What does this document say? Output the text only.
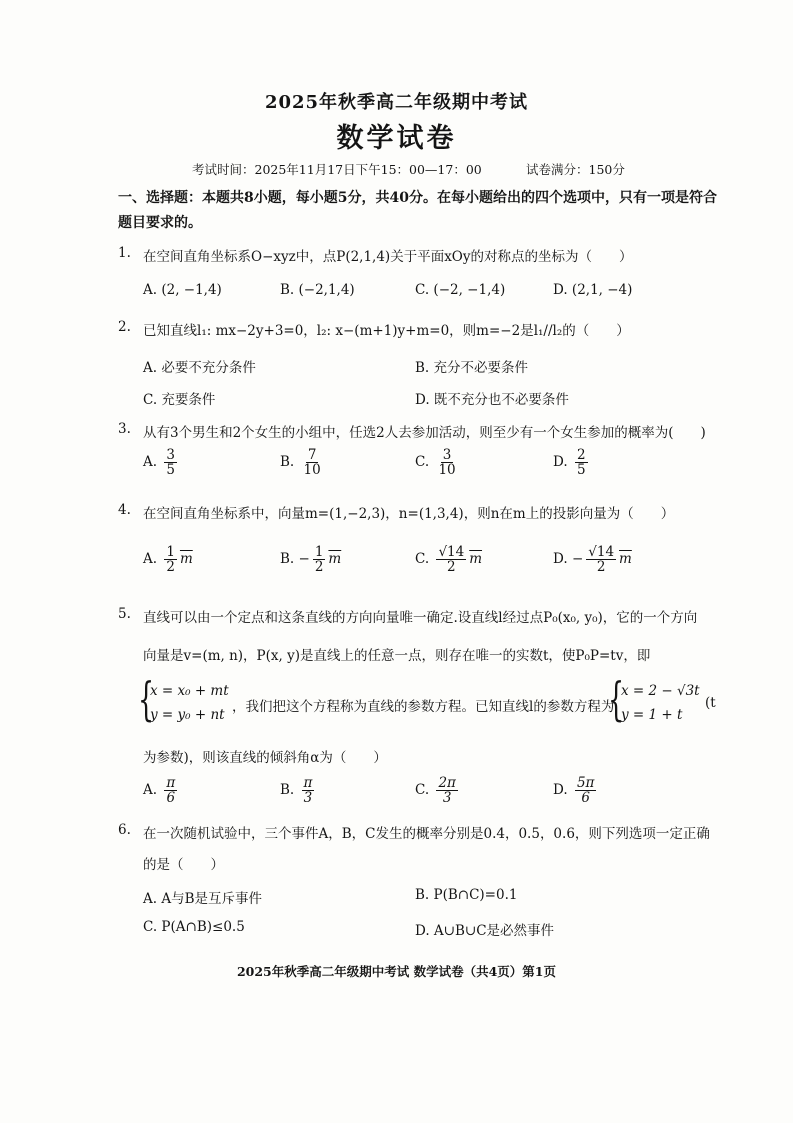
2025年秋季高二年级期中考试
数学试卷
考试时间：2025年11月17日下午15：00—17：00	试卷满分：150分
一、选择题：本题共8小题，每小题5分，共40分。在每小题给出的四个选项中，只有一项是符合题目要求的。
1. 在空间直角坐标系O−xyz中，点P(2,1,4)关于平面xOy的对称点的坐标为（　　）
A. (2, −1,4)	B. (−2,1,4)	C. (−2, −1,4)	D. (2,1, −4)
2. 已知直线l₁: mx−2y+3=0，l₂: x−(m+1)y+m=0，则m=−2是l₁//l₂的（　　）
A. 必要不充分条件	B. 充分不必要条件
C. 充要条件	D. 既不充分也不必要条件
3. 从有3个男生和2个女生的小组中，任选2人去参加活动，则至少有一个女生参加的概率为(　　)
A. $\frac{3}{5}$	B. $\frac{7}{10}$	C. $\frac{3}{10}$	D. $\frac{2}{5}$
4. 在空间直角坐标系中，向量m=(1,−2,3)，n=(1,3,4)，则n在m上的投影向量为（　　）
A. $\frac{1}{2} \overline{m}$	B. − $\frac{1}{2} \overline{m}$	C. $\frac{√14}{2} \overline{m}$	D. − $\frac{√14}{2} \overline{m}$
5. 直线可以由一个定点和这条直线的方向向量唯一确定.设直线l经过点P₀(x₀, y₀)，它的一个方向
向量是v=(m, n)，P(x, y)是直线上的任意一点，则存在唯一的实数t，使P₀P=tv，即
{
x = x₀ + mt
y = y₀ + nt ，我们把这个方程称为直线的参数方程。已知直线l的参数方程为
{
x = 2 − √3t
y = 1 + t
(t
为参数)，则该直线的倾斜角α为（　　）
A. $\frac{\pi}{6}$	B. $\frac{\pi}{3}$	C. $\frac{2\pi}{3}$	D. $\frac{5\pi}{6}$
6. 在一次随机试验中，三个事件A，B，C发生的概率分别是0.4，0.5，0.6，则下列选项一定正确
的是（　　）
A. A与B是互斥事件	B. P(B∩C)=0.1
C. P(A∩B)≤0.5	D. A∪B∪C是必然事件
2025年秋季高二年级期中考试 数学试卷（共4页）第1页
